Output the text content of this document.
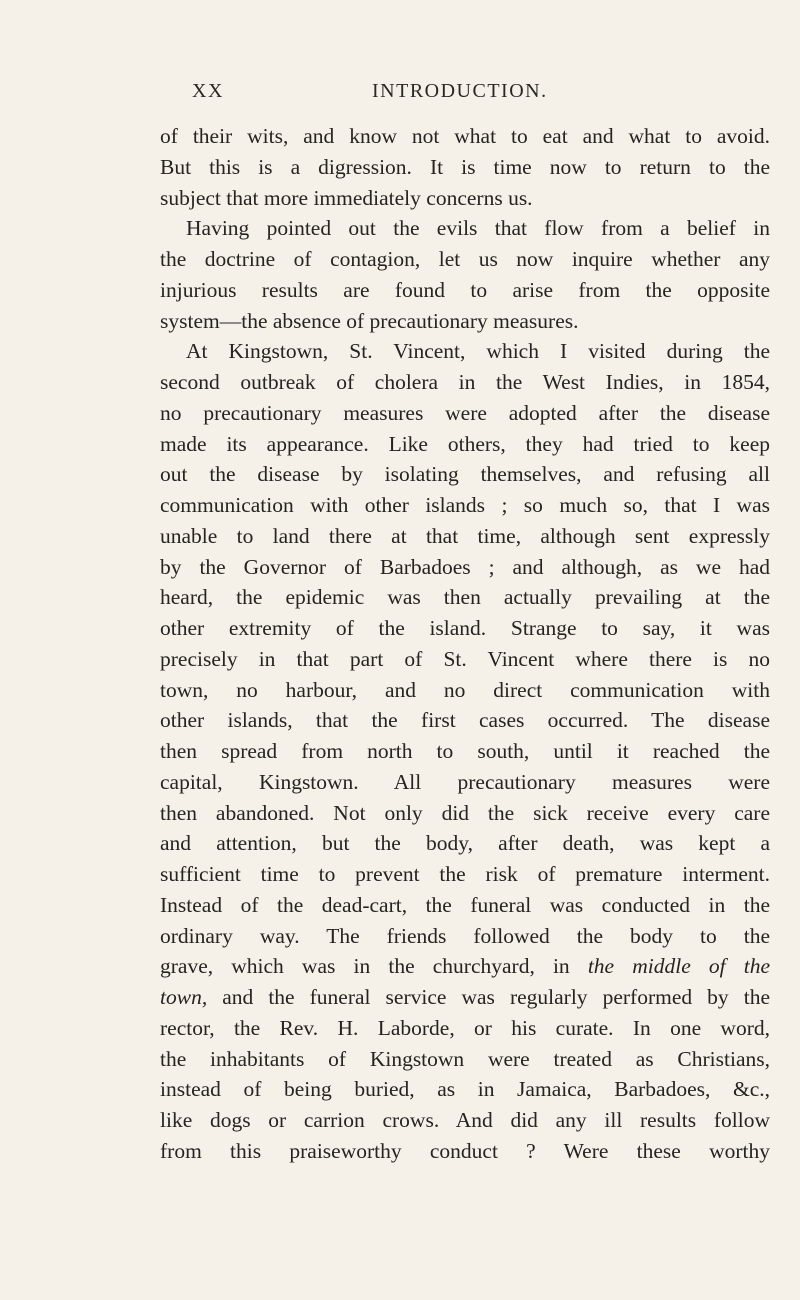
XX	INTRODUCTION.
of their wits, and know not what to eat and what to avoid.
But this is a digression. It is time now to return to the
subject that more immediately concerns us.
Having pointed out the evils that flow from a belief in
the doctrine of contagion, let us now inquire whether any
injurious results are found to arise from the opposite
system—the absence of precautionary measures.
At Kingstown, St. Vincent, which I visited during the
second outbreak of cholera in the West Indies, in 1854,
no precautionary measures were adopted after the disease
made its appearance. Like others, they had tried to keep
out the disease by isolating themselves, and refusing all
communication with other islands ; so much so, that I was
unable to land there at that time, although sent expressly
by the Governor of Barbadoes ; and although, as we had
heard, the epidemic was then actually prevailing at the
other extremity of the island. Strange to say, it was
precisely in that part of St. Vincent where there is no
town, no harbour, and no direct communication with
other islands, that the first cases occurred. The disease
then spread from north to south, until it reached the
capital, Kingstown. All precautionary measures were
then abandoned. Not only did the sick receive every care
and attention, but the body, after death, was kept a
sufficient time to prevent the risk of premature interment.
Instead of the dead-cart, the funeral was conducted in the
ordinary way. The friends followed the body to the
grave, which was in the churchyard, in the middle of the
town, and the funeral service was regularly performed by the
rector, the Rev. H. Laborde, or his curate. In one word,
the inhabitants of Kingstown were treated as Christians,
instead of being buried, as in Jamaica, Barbadoes, &c.,
like dogs or carrion crows. And did any ill results follow
from this praiseworthy conduct ? Were these worthy
